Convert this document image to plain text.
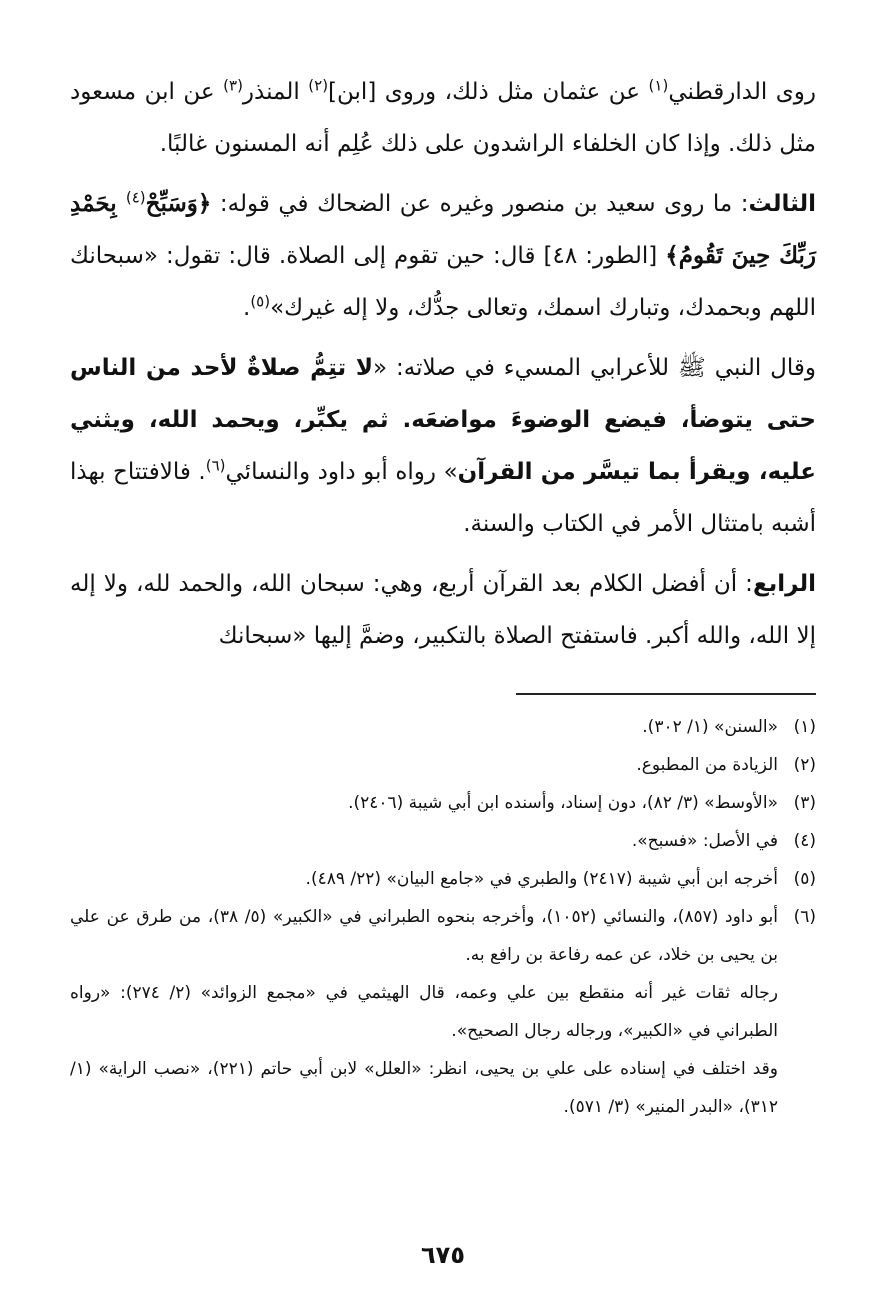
روى الدارقطني$^{(١)}$ عن عثمان مثل ذلك، وروى [ابن]$^{(٢)}$ المنذر$^{(٣)}$ عن ابن مسعود مثل ذلك. وإذا كان الخلفاء الراشدون على ذلك عُلِم أنه المسنون غالبًا.

الثالث: ما روى سعيد بن منصور وغيره عن الضحاك في قوله: ﴿وَسَبِّحْ$^{(٤)}$ بِحَمْدِ رَبِّكَ حِينَ تَقُومُ﴾ [الطور: ٤٨] قال: حين تقوم إلى الصلاة. قال: تقول: «سبحانك اللهم وبحمدك، وتبارك اسمك، وتعالى جدُّك، ولا إله غيرك»$^{(٥)}$.

وقال النبي ﷺ للأعرابي المسيء في صلاته: «لا تتِمُّ صلاةٌ لأحد من الناس حتى يتوضأ، فيضع الوضوءَ مواضعَه. ثم يكبِّر، ويحمد الله، ويثني عليه، ويقرأ بما تيسَّر من القرآن» رواه أبو داود والنسائي$^{(٦)}$. فالافتتاح بهذا أشبه بامتثال الأمر في الكتاب والسنة.

الرابع: أن أفضل الكلام بعد القرآن أربع، وهي: سبحان الله، والحمد لله، ولا إله إلا الله، والله أكبر. فاستفتح الصلاة بالتكبير، وضمَّ إليها «سبحانك

(١)
«السنن» (١/ ٣٠٢).
(٢)
الزيادة من المطبوع.
(٣)
«الأوسط» (٣/ ٨٢)، دون إسناد، وأسنده ابن أبي شيبة (٢٤٠٦).
(٤)
في الأصل: «فسبح».
(٥)
أخرجه ابن أبي شيبة (٢٤١٧) والطبري في «جامع البيان» (٢٢/ ٤٨٩).
(٦)
أبو داود (٨٥٧)، والنسائي (١٠٥٢)، وأخرجه بنحوه الطبراني في «الكبير» (٥/ ٣٨)، من طرق عن علي بن يحيى بن خلاد، عن عمه رفاعة بن رافع به.
رجاله ثقات غير أنه منقطع بين علي وعمه، قال الهيثمي في «مجمع الزوائد» (٢/ ٢٧٤): «رواه الطبراني في «الكبير»، ورجاله رجال الصحيح».
وقد اختلف في إسناده على علي بن يحيى، انظر: «العلل» لابن أبي حاتم (٢٢١)، «نصب الراية» (١/ ٣١٢)، «البدر المنير» (٣/ ٥٧١).
٦٧٥
